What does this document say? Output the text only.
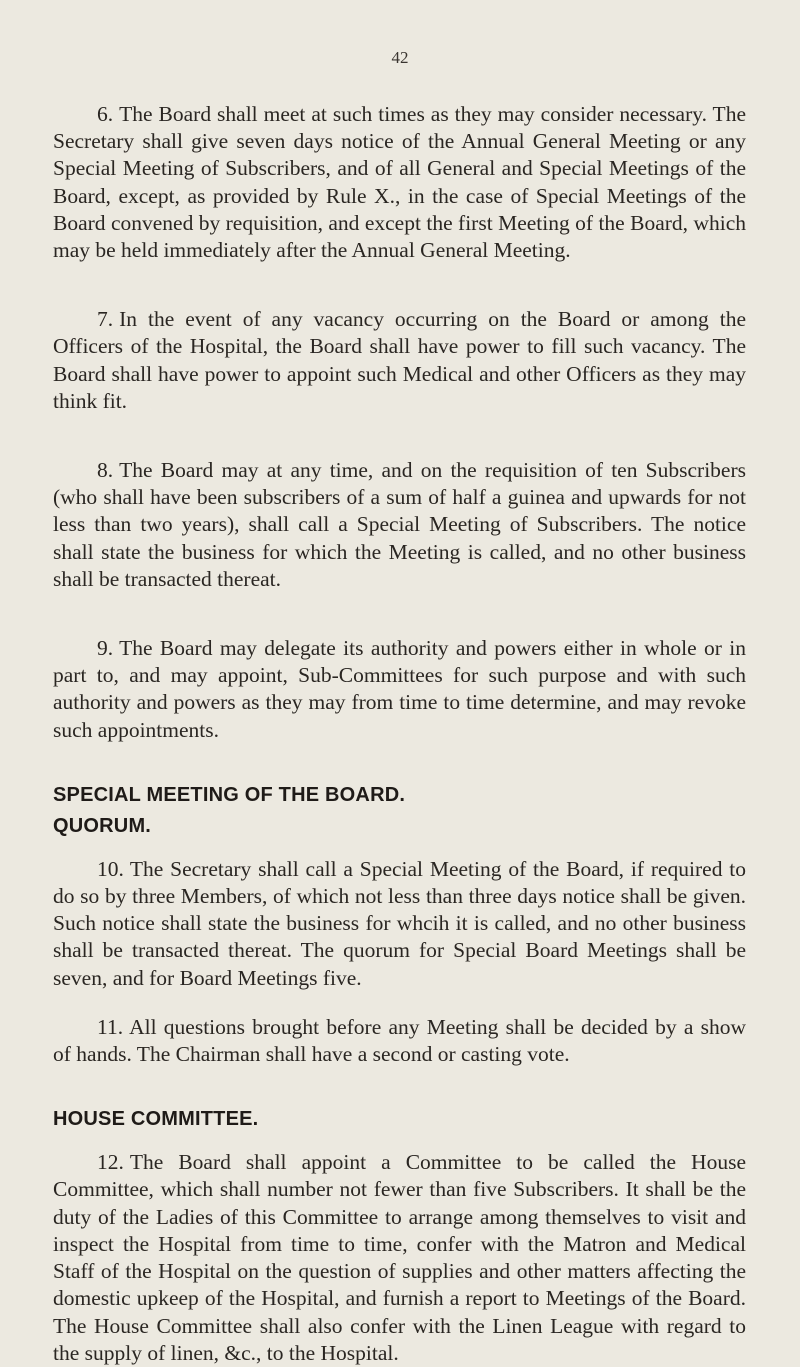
42

6. The Board shall meet at such times as they may consider necessary. The Secretary shall give seven days notice of the Annual General Meeting or any Special Meeting of Subscribers, and of all General and Special Meetings of the Board, except, as provided by Rule X., in the case of Special Meetings of the Board convened by requisition, and except the first Meeting of the Board, which may be held immediately after the Annual General Meeting.

7. In the event of any vacancy occurring on the Board or among the Officers of the Hospital, the Board shall have power to fill such vacancy. The Board shall have power to appoint such Medical and other Officers as they may think fit.

8. The Board may at any time, and on the requisition of ten Subscribers (who shall have been subscribers of a sum of half a guinea and upwards for not less than two years), shall call a Special Meeting of Subscribers. The notice shall state the business for which the Meeting is called, and no other business shall be transacted thereat.

9. The Board may delegate its authority and powers either in whole or in part to, and may appoint, Sub-Committees for such purpose and with such authority and powers as they may from time to time determine, and may revoke such appointments.

SPECIAL MEETING OF THE BOARD.
QUORUM.

10. The Secretary shall call a Special Meeting of the Board, if required to do so by three Members, of which not less than three days notice shall be given. Such notice shall state the business for whcih it is called, and no other business shall be transacted thereat. The quorum for Special Board Meetings shall be seven, and for Board Meetings five.

11. All questions brought before any Meeting shall be decided by a show of hands. The Chairman shall have a second or casting vote.

HOUSE COMMITTEE.

12. The Board shall appoint a Committee to be called the House Committee, which shall number not fewer than five Subscribers. It shall be the duty of the Ladies of this Committee to arrange among themselves to visit and inspect the Hospital from time to time, confer with the Matron and Medical Staff of the Hospital on the question of supplies and other matters affecting the domestic upkeep of the Hospital, and furnish a report to Meetings of the Board. The House Committee shall also confer with the Linen League with regard to the supply of linen, &c., to the Hospital.
